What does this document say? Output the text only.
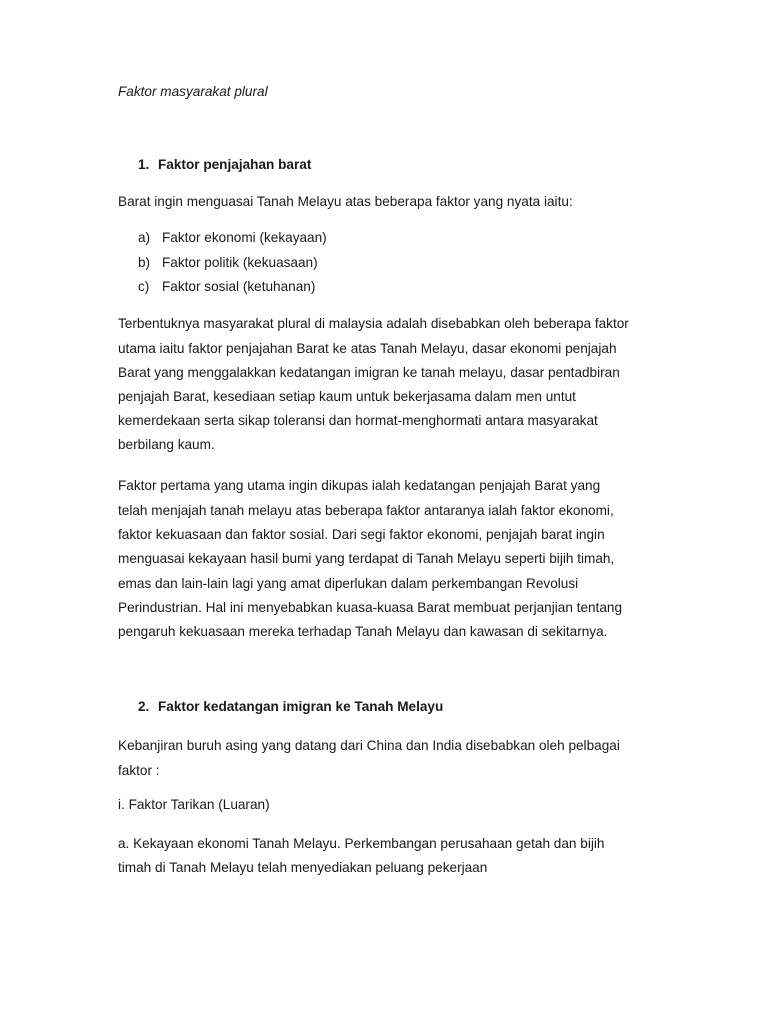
Faktor masyarakat plural

1. Faktor penjajahan barat

Barat ingin menguasai Tanah Melayu atas beberapa faktor yang nyata iaitu:

a) Faktor ekonomi (kekayaan)

b) Faktor politik (kekuasaan)

c) Faktor sosial (ketuhanan)

Terbentuknya masyarakat plural di malaysia adalah disebabkan oleh beberapa faktor

utama iaitu faktor penjajahan Barat ke atas Tanah Melayu, dasar ekonomi penjajah

Barat yang menggalakkan kedatangan imigran ke tanah melayu, dasar pentadbiran

penjajah Barat, kesediaan setiap kaum untuk bekerjasama dalam men untut

kemerdekaan serta sikap toleransi dan hormat-menghormati antara masyarakat

berbilang kaum.

Faktor pertama yang utama ingin dikupas ialah kedatangan penjajah Barat yang

telah menjajah tanah melayu atas beberapa faktor antaranya ialah faktor ekonomi,

faktor kekuasaan dan faktor sosial. Dari segi faktor ekonomi, penjajah barat ingin

menguasai kekayaan hasil bumi yang terdapat di Tanah Melayu seperti bijih timah,

emas dan lain-lain lagi yang amat diperlukan dalam perkembangan Revolusi

Perindustrian. Hal ini menyebabkan kuasa-kuasa Barat membuat perjanjian tentang

pengaruh kekuasaan mereka terhadap Tanah Melayu dan kawasan di sekitarnya.

2. Faktor kedatangan imigran ke Tanah Melayu

Kebanjiran buruh asing yang datang dari China dan India disebabkan oleh pelbagai

faktor :

i. Faktor Tarikan (Luaran)

a. Kekayaan ekonomi Tanah Melayu. Perkembangan perusahaan getah dan bijih

timah di Tanah Melayu telah menyediakan peluang pekerjaan
